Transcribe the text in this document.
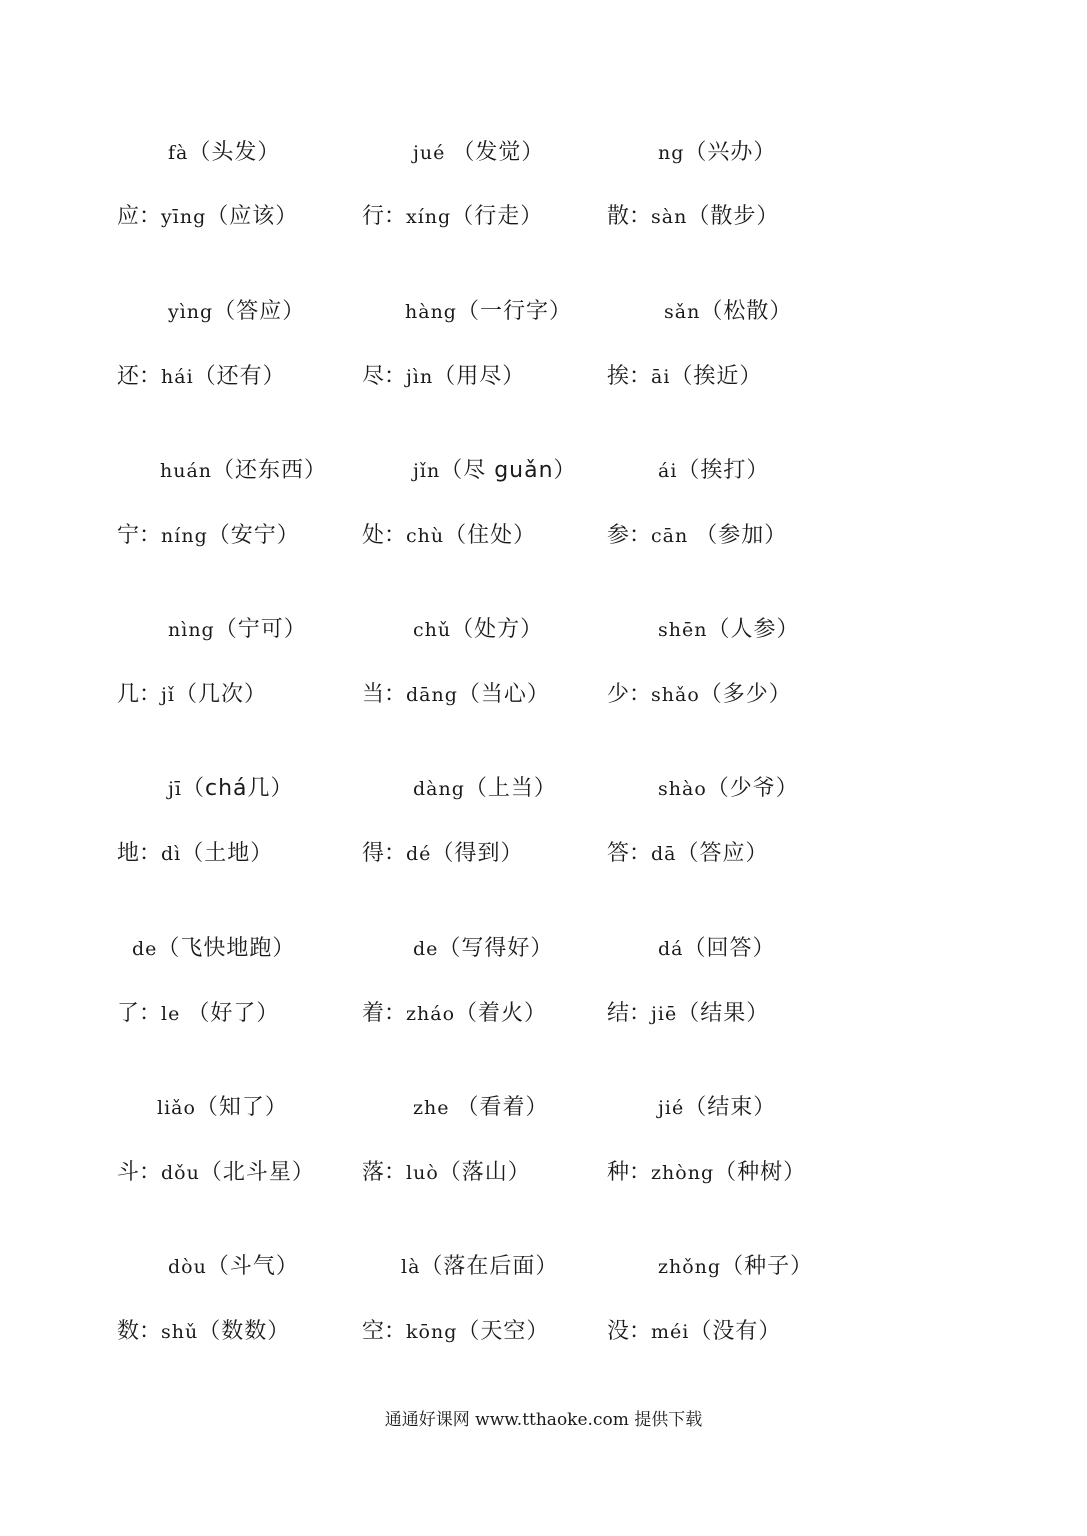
通通好课网 www.tthaoke.com 提供下载
fà（头发）	jué （发觉）	ng（兴办）
应：yīng（应该）	行：xíng（行走）	散：sàn（散步）
yìng（答应）	hàng（一行字）	sǎn（松散）
还：hái（还有）	尽：jìn（用尽）	挨：āi（挨近）
huán（还东西）	jǐn（尽 guǎn）	ái（挨打）
宁：níng（安宁）	处：chù（住处）	参：cān （参加）
nìng（宁可）	chǔ（处方）	shēn（人参）
几：jǐ（几次）	当：dāng（当心）	少：shǎo（多少）
jī（chá几）	dàng（上当）	shào（少爷）
地：dì（土地）	得：dé（得到）	答：dā（答应）
de（飞快地跑）	de（写得好）	dá（回答）
了：le （好了）	着：zháo（着火）	结：jiē（结果）
liǎo（知了）	zhe （看着）	jié（结束）
斗：dǒu（北斗星） 落：luò（落山）	种：zhòng（种树）
dòu（斗气）	là（落在后面）	zhǒng（种子）
数：shǔ（数数）	空：kōng（天空）	没：méi（没有）
